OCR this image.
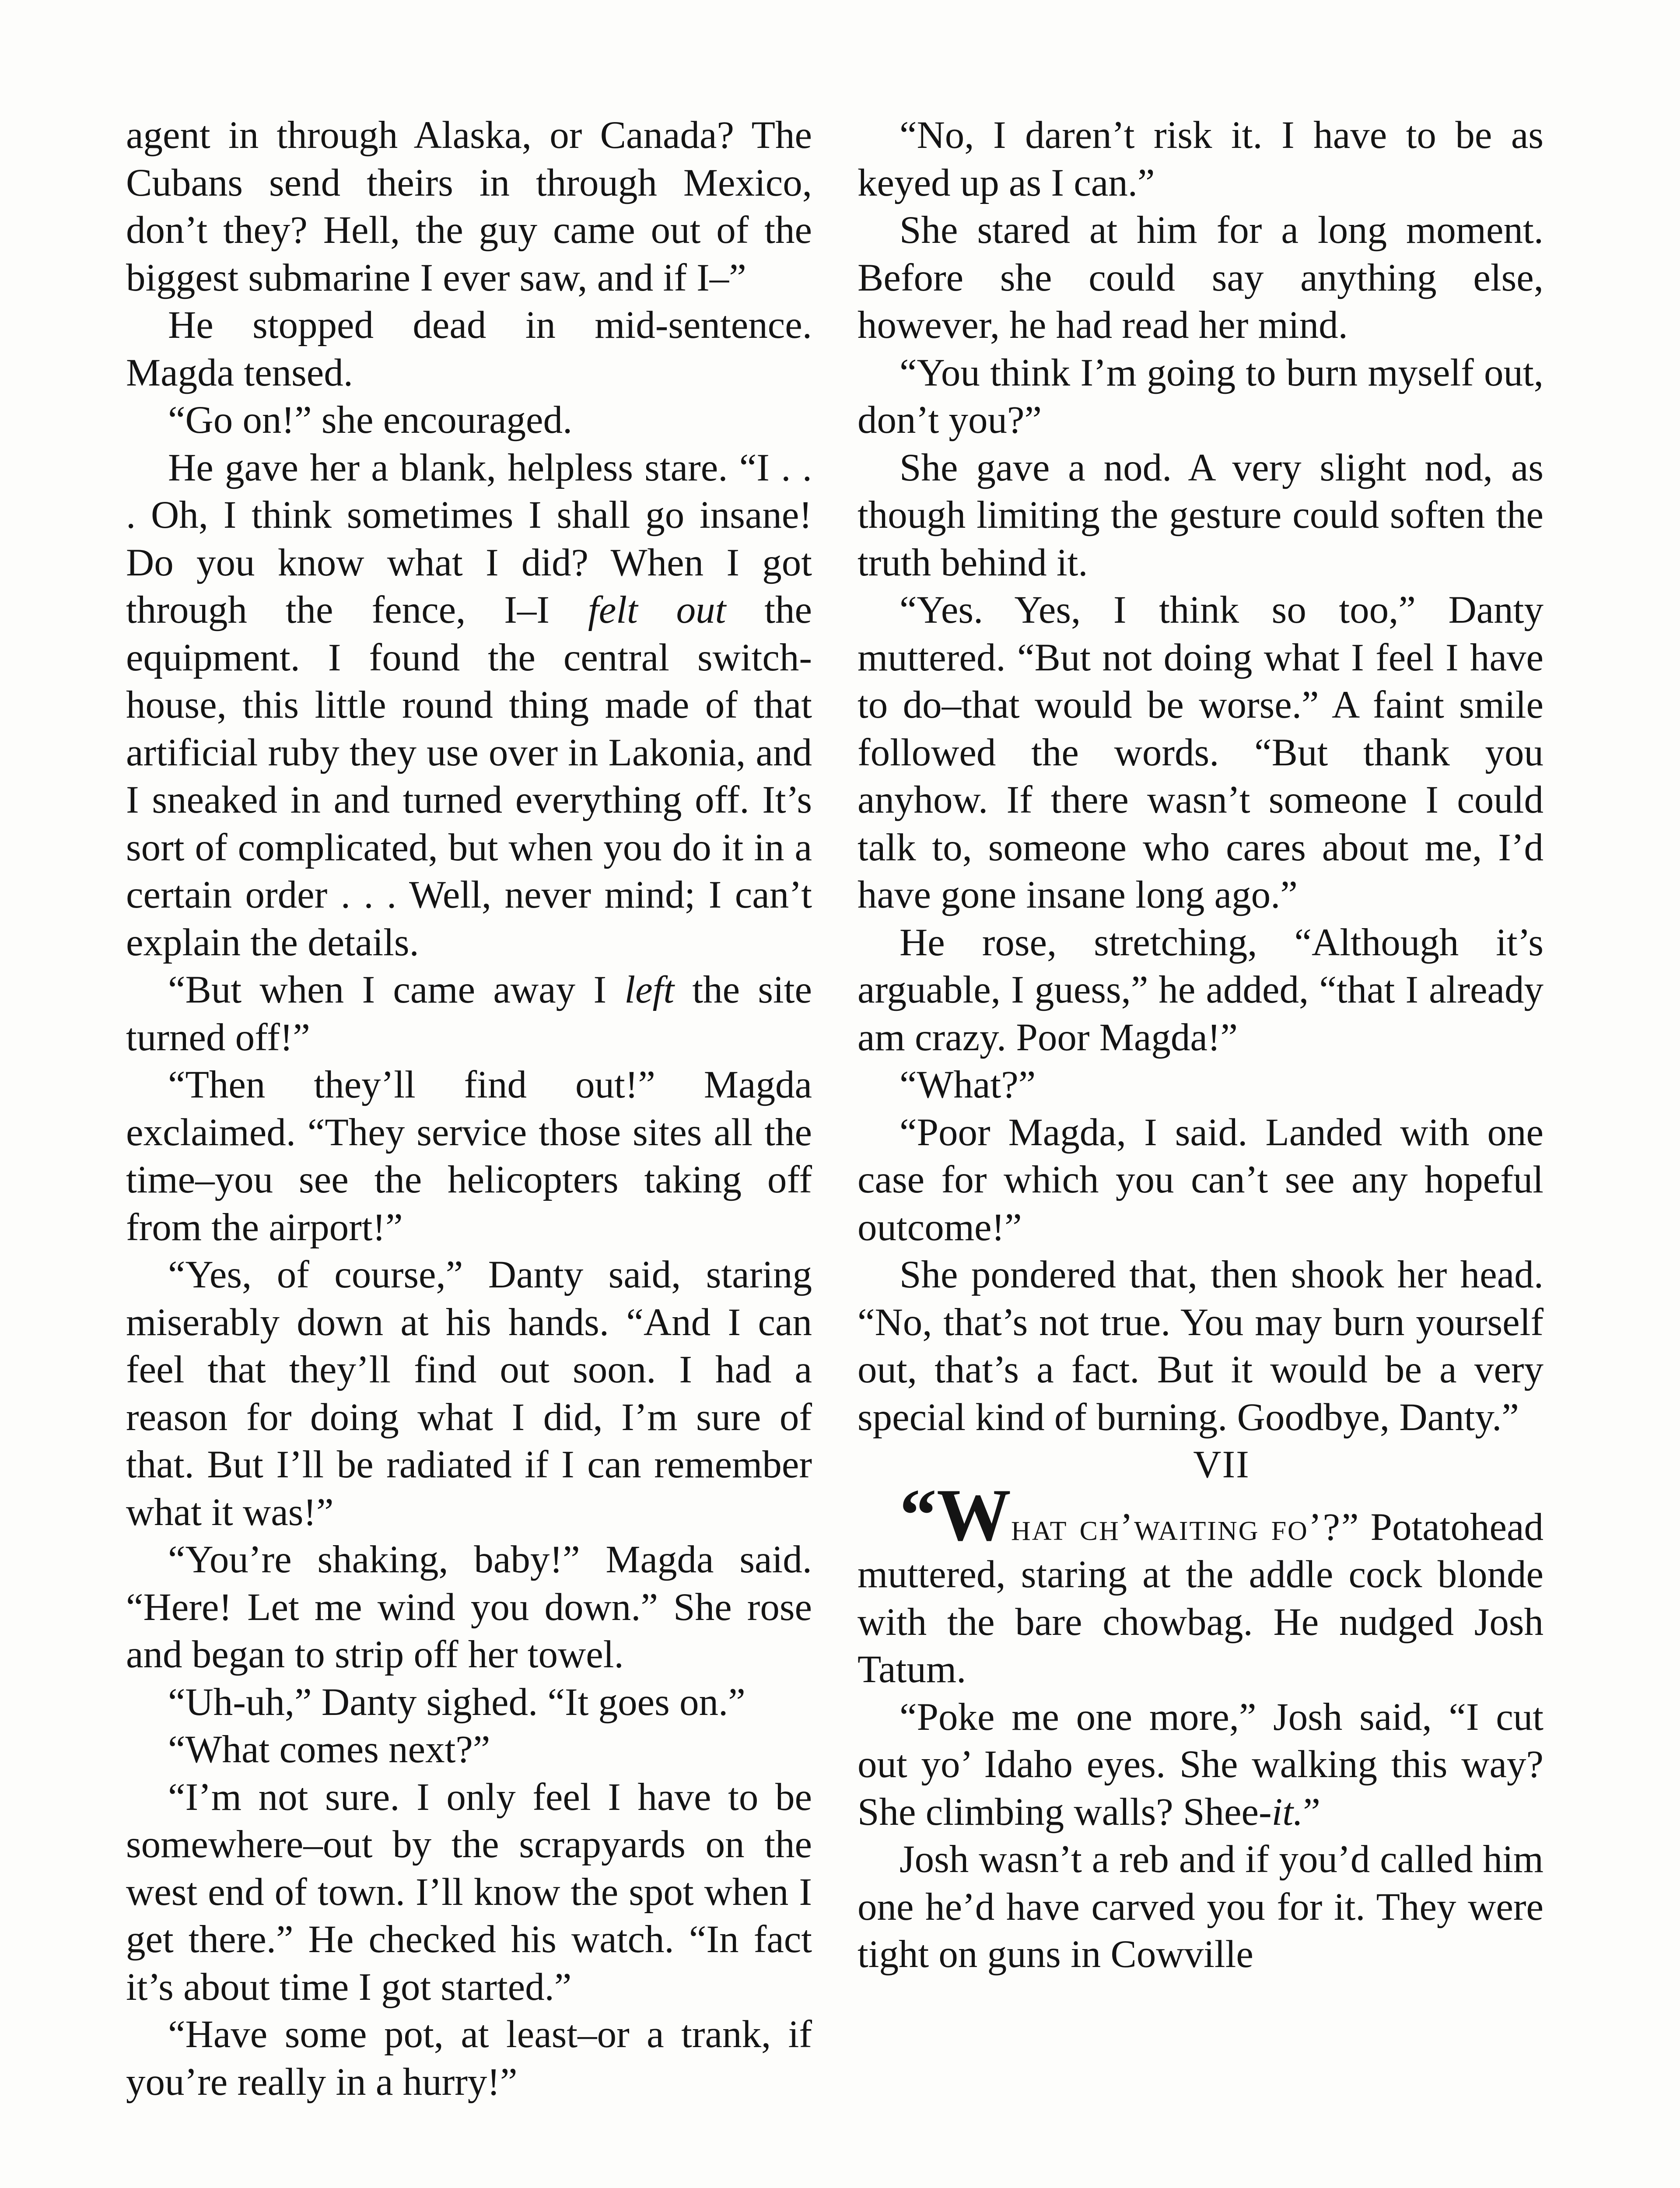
agent in through Alaska, or Canada? The Cubans send theirs in through Mexico, don’t they? Hell, the guy came out of the biggest submarine I ever saw, and if I–”

He stopped dead in mid-sentence. Magda tensed.

“Go on!” she encouraged.

He gave her a blank, helpless stare. “I . . . Oh, I think sometimes I shall go insane! Do you know what I did? When I got through the fence, I–I felt out the equipment. I found the central switch-house, this little round thing made of that artificial ruby they use over in Lakonia, and I sneaked in and turned everything off. It’s sort of complicated, but when you do it in a certain order . . . Well, never mind; I can’t explain the details.

“But when I came away I left the site turned off!”

“Then they’ll find out!” Magda exclaimed. “They service those sites all the time–you see the helicopters taking off from the airport!”

“Yes, of course,” Danty said, staring miserably down at his hands. “And I can feel that they’ll find out soon. I had a reason for doing what I did, I’m sure of that. But I’ll be radiated if I can remember what it was!”

“You’re shaking, baby!” Magda said. “Here! Let me wind you down.” She rose and began to strip off her towel.

“Uh-uh,” Danty sighed. “It goes on.”

“What comes next?”

“I’m not sure. I only feel I have to be somewhere–out by the scrapyards on the west end of town. I’ll know the spot when I get there.” He checked his watch. “In fact it’s about time I got started.”

“Have some pot, at least–or a trank, if you’re really in a hurry!”

“No, I daren’t risk it. I have to be as keyed up as I can.”

She stared at him for a long moment. Before she could say anything else, however, he had read her mind.

“You think I’m going to burn myself out, don’t you?”

She gave a nod. A very slight nod, as though limiting the gesture could soften the truth behind it.

“Yes. Yes, I think so too,” Danty muttered. “But not doing what I feel I have to do–that would be worse.” A faint smile followed the words. “But thank you anyhow. If there wasn’t someone I could talk to, someone who cares about me, I’d have gone insane long ago.”

He rose, stretching, “Although it’s arguable, I guess,” he added, “that I already am crazy. Poor Magda!”

“What?”

“Poor Magda, I said. Landed with one case for which you can’t see any hopeful outcome!”

She pondered that, then shook her head. “No, that’s not true. You may burn yourself out, that’s a fact. But it would be a very special kind of burning. Goodbye, Danty.”

VII

“What ch’waiting fo’?” Potatohead muttered, staring at the addle cock blonde with the bare chowbag. He nudged Josh Tatum.

“Poke me one more,” Josh said, “I cut out yo’ Idaho eyes. She walking this way? She climbing walls? Shee-it.”

Josh wasn’t a reb and if you’d called him one he’d have carved you for it. They were tight on guns in Cowville
